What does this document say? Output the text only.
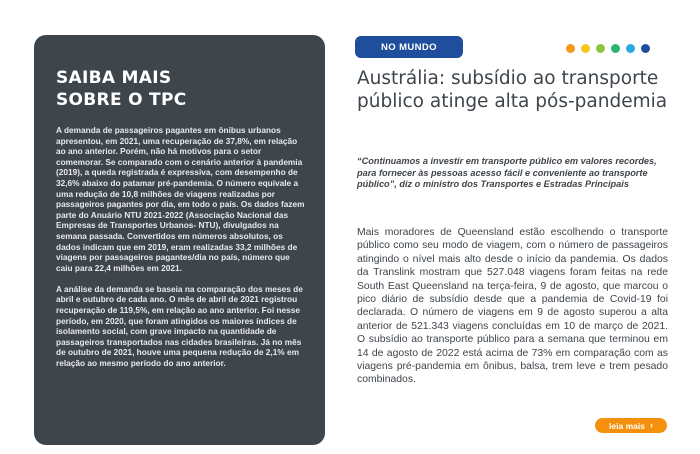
SAIBA MAIS
SOBRE O TPC

A demanda de passageiros pagantes em ônibus urbanos apresentou, em 2021, uma recuperação de 37,8%, em relação ao ano anterior. Porém, não há motivos para o setor comemorar. Se comparado com o cenário anterior à pandemia (2019), a queda registrada é expressiva, com desempenho de 32,6% abaixo do patamar pré-pandemia. O número equivale a uma redução de 10,8 milhões de viagens realizadas por passageiros pagantes por dia, em todo o país. Os dados fazem parte do Anuário NTU 2021-2022 (Associação Nacional das Empresas de Transportes Urbanos- NTU), divulgados na semana passada. Convertidos em números absolutos, os dados indicam que em 2019, eram realizadas 33,2 milhões de viagens por passageiros pagantes/dia no país, número que caiu para 22,4 milhões em 2021.

A análise da demanda se baseia na comparação dos meses de abril e outubro de cada ano. O mês de abril de 2021 registrou recuperação de 119,5%, em relação ao ano anterior. Foi nesse período, em 2020, que foram atingidos os maiores índices de isolamento social, com grave impacto na quantidade de passageiros transportados nas cidades brasileiras. Já no mês de outubro de 2021, houve uma pequena redução de 2,1% em relação ao mesmo período do ano anterior.

NO MUNDO
Austrália: subsídio ao transporte público atinge alta pós-pandemia

“Continuamos a investir em transporte público em valores recordes, para fornecer às pessoas acesso fácil e conveniente ao transporte público”, diz o ministro dos Transportes e Estradas Principais

Mais moradores de Queensland estão escolhendo o transporte público como seu modo de viagem, com o número de passageiros atingindo o nível mais alto desde o início da pandemia. Os dados da Translink mostram que 527.048 viagens foram feitas na rede South East Queensland na terça-feira, 9 de agosto, que marcou o pico diário de subsídio desde que a pandemia de Covid-19 foi declarada. O número de viagens em 9 de agosto superou a alta anterior de 521.343 viagens concluídas em 10 de março de 2021. O subsídio ao transporte público para a semana que terminou em 14 de agosto de 2022 está acima de 73% em comparação com as viagens pré-pandemia em ônibus, balsa, trem leve e trem pesado combinados.

leia mais ›
